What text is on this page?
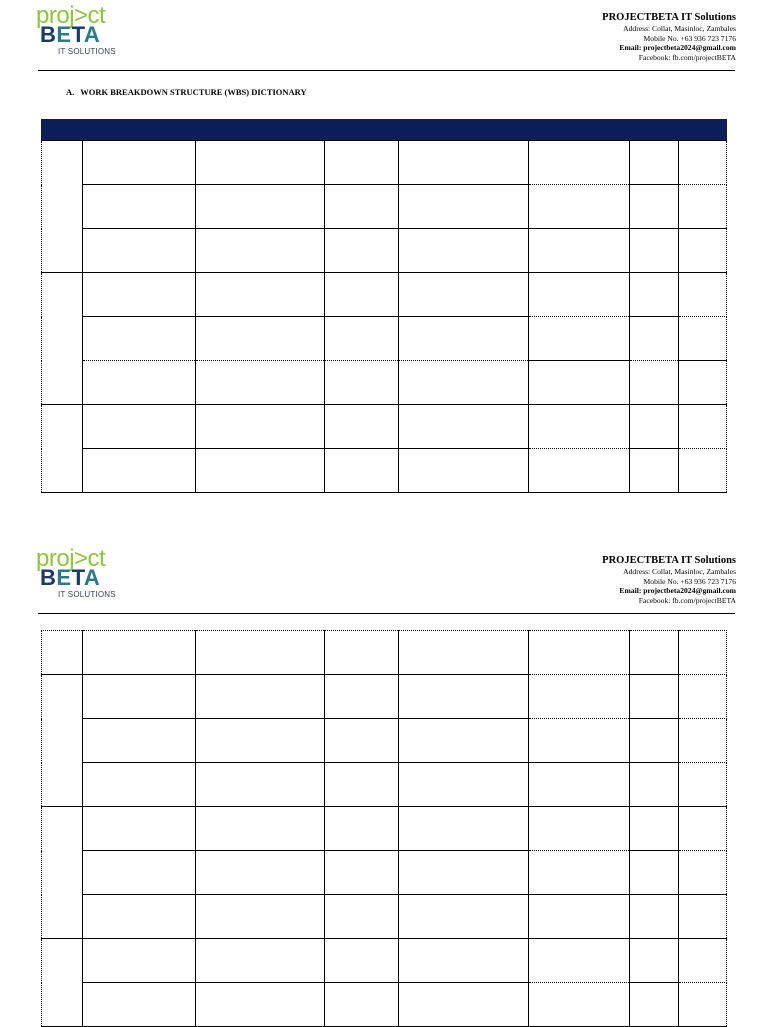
proj>ct
BETA
IT SOLUTIONS
PROJECTBETA IT Solutions
Address: Collat, Masinloc, Zambales
Mobile No. +63 936 723 7176
Email: projectbeta2024@gmail.com
Facebook: fb.com/projectBETA
A. WORK BREAKDOWN STRUCTURE (WBS) DICTIONARY

proj>ct
BETA
IT SOLUTIONS
PROJECTBETA IT Solutions
Address: Collat, Masinloc, Zambales
Mobile No. +63 936 723 7176
Email: projectbeta2024@gmail.com
Facebook: fb.com/projectBETA
